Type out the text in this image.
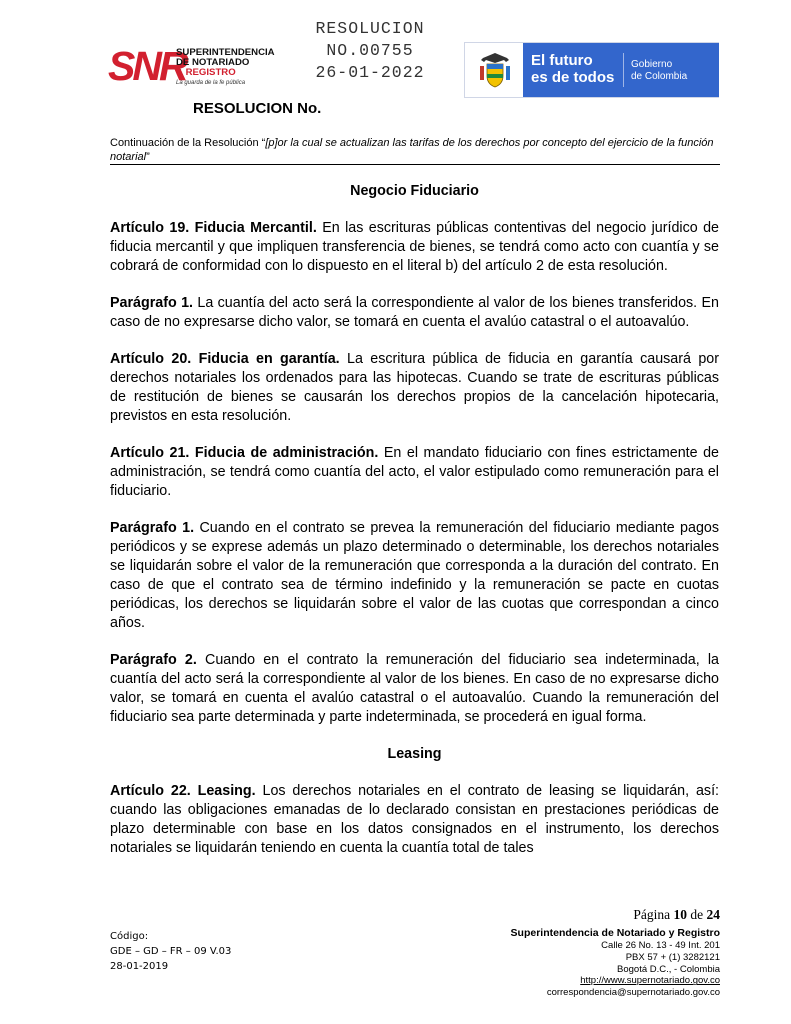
RESOLUCION
NO.00755
26-01-2022
SNR
SUPERINTENDENCIA
DE NOTARIADO
& REGISTRO
La guarda de la fe pública
El futuro
es de todos
Gobierno
de Colombia
RESOLUCION No.
Continuación de la Resolución “[p]or la cual se actualizan las tarifas de los derechos por concepto del ejercicio de la función notarial”
Negocio Fiduciario
Artículo 19. Fiducia Mercantil. En las escrituras públicas contentivas del negocio jurídico de fiducia mercantil y que impliquen transferencia de bienes, se tendrá como acto con cuantía y se cobrará de conformidad con lo dispuesto en el literal b) del artículo 2 de esta resolución.
Parágrafo 1. La cuantía del acto será la correspondiente al valor de los bienes transferidos. En caso de no expresarse dicho valor, se tomará en cuenta el avalúo catastral o el autoavalúo.
Artículo 20. Fiducia en garantía. La escritura pública de fiducia en garantía causará por derechos notariales los ordenados para las hipotecas. Cuando se trate de escrituras públicas de restitución de bienes se causarán los derechos propios de la cancelación hipotecaria, previstos en esta resolución.
Artículo 21. Fiducia de administración. En el mandato fiduciario con fines estrictamente de administración, se tendrá como cuantía del acto, el valor estipulado como remuneración para el fiduciario.
Parágrafo 1. Cuando en el contrato se prevea la remuneración del fiduciario mediante pagos periódicos y se exprese además un plazo determinado o determinable, los derechos notariales se liquidarán sobre el valor de la remuneración que corresponda a la duración del contrato. En caso de que el contrato sea de término indefinido y la remuneración se pacte en cuotas periódicas, los derechos se liquidarán sobre el valor de las cuotas que correspondan a cinco años.
Parágrafo 2. Cuando en el contrato la remuneración del fiduciario sea indeterminada, la cuantía del acto será la correspondiente al valor de los bienes. En caso de no expresarse dicho valor, se tomará en cuenta el avalúo catastral o el autoavalúo. Cuando la remuneración del fiduciario sea parte determinada y parte indeterminada, se procederá en igual forma.
Leasing
Artículo 22. Leasing. Los derechos notariales en el contrato de leasing se liquidarán, así: cuando las obligaciones emanadas de lo declarado consistan en prestaciones periódicas de plazo determinable con base en los datos consignados en el instrumento, los derechos notariales se liquidarán teniendo en cuenta la cuantía total de tales
Código:
GDE – GD – FR – 09 V.03
28-01-2019
Página 10 de 24
Superintendencia de Notariado y Registro
Calle 26 No. 13 - 49 Int. 201
PBX 57 + (1) 3282121
Bogotá D.C., - Colombia
http://www.supernotariado.gov.co
correspondencia@supernotariado.gov.co
